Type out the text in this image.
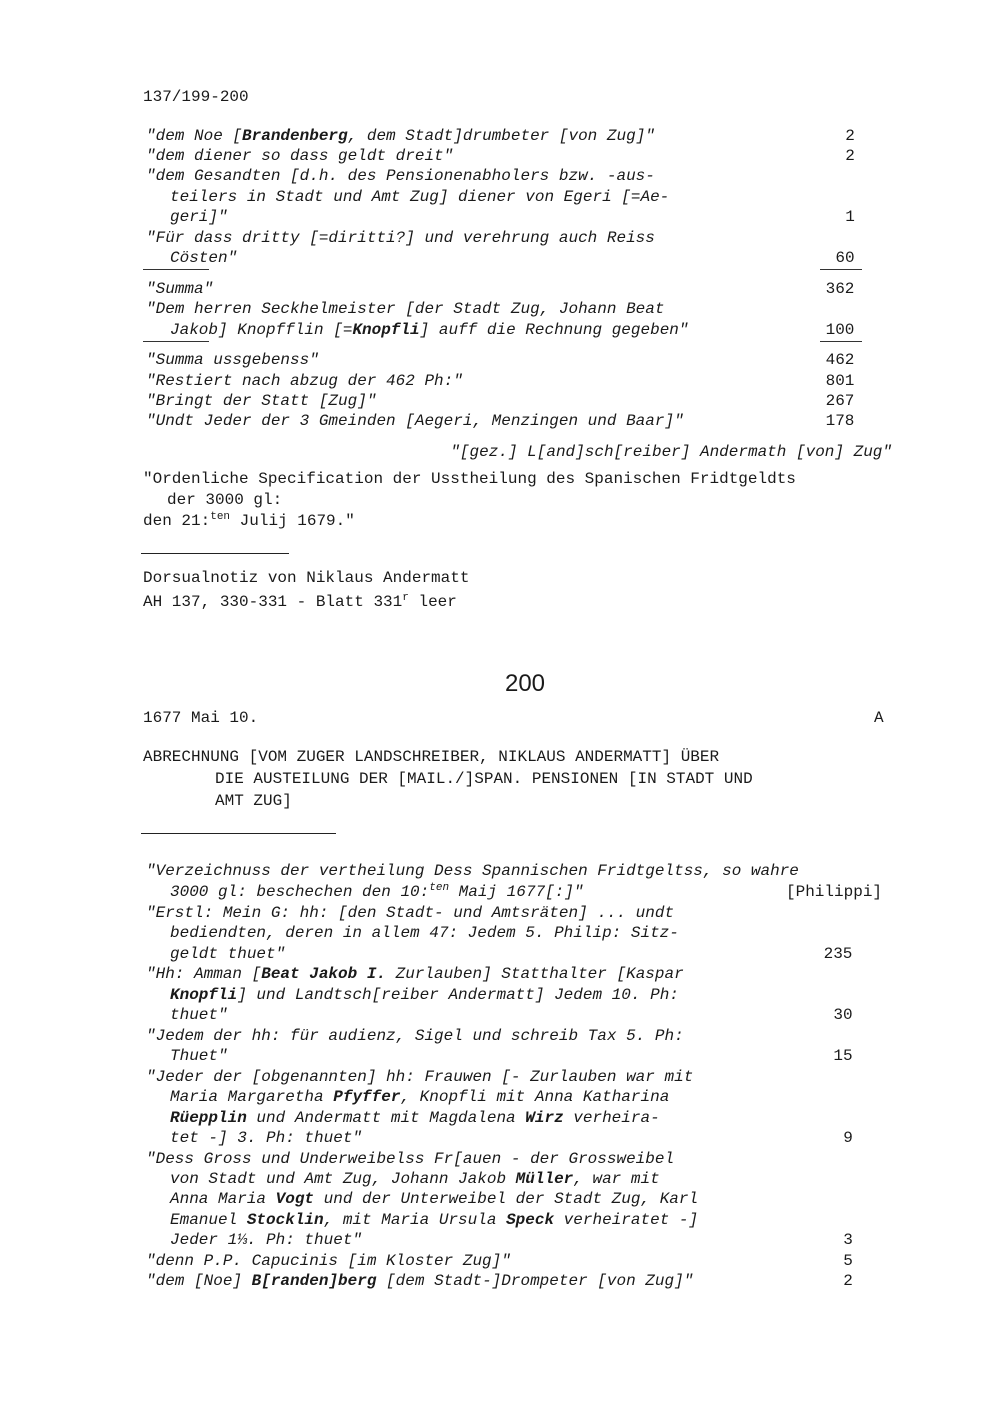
137/199-200
"dem Noe [Brandenberg, dem Stadt]drumbeter [von Zug]"	2
"dem diener so dass geldt dreit"	2
"dem Gesandten [d.h. des Pensionenabholers bzw. -aus-
teilers in Stadt und Amt Zug] diener von Egeri [=Ae-
geri]"	1
"Für dass dritty [=diritti?] und verehrung auch Reiss
Cösten"	60
"Summa"	362
"Dem herren Seckhelmeister [der Stadt Zug, Johann Beat
Jakob] Knopfflin [=Knopfli] auff die Rechnung gegeben"	100
"Summa ussgebenss"	462
"Restiert nach abzug der 462 Ph:"	801
"Bringt der Statt [Zug]"	267
"Undt Jeder der 3 Gmeinden [Aegeri, Menzingen und Baar]"	178
"[gez.] L[and]sch[reiber] Andermath [von] Zug"
"Ordenliche Specification der Usstheilung des Spanischen Fridtgeldts
der 3000 gl:
den 21:$^{ten}$ Julij 1679."
Dorsualnotiz von Niklaus Andermatt
AH 137, 330-331 - Blatt 331$^r$ leer
200
1677 Mai 10.	A
ABRECHNUNG [VOM ZUGER LANDSCHREIBER, NIKLAUS ANDERMATT] ÜBER
DIE AUSTEILUNG DER [MAIL./]SPAN. PENSIONEN [IN STADT UND
AMT ZUG]
"Verzeichnuss der vertheilung Dess Spannischen Fridtgeltss, so wahre
3000 gl: beschechen den 10:$^{ten}$ Maij 1677[:]"	[Philippi]
"Erstl: Mein G: hh: [den Stadt- und Amtsräten] ... undt
bediendten, deren in allem 47: Jedem 5. Philip: Sitz-
geldt thuet"	235
"Hh: Amman [Beat Jakob I. Zurlauben] Statthalter [Kaspar
Knopfli] und Landtsch[reiber Andermatt] Jedem 10. Ph:
thuet"	30
"Jedem der hh: für audienz, Sigel und schreib Tax 5. Ph:
Thuet"	15
"Jeder der [obgenannten] hh: Frauwen [- Zurlauben war mit
Maria Margaretha Pfyffer, Knopfli mit Anna Katharina
Rüepplin und Andermatt mit Magdalena Wirz verheira-
tet -] 3. Ph: thuet"	9
"Dess Gross und Underweibelss Fr[auen - der Grossweibel
von Stadt und Amt Zug, Johann Jakob Müller, war mit
Anna Maria Vogt und der Unterweibel der Stadt Zug, Karl
Emanuel Stocklin, mit Maria Ursula Speck verheiratet -]
Jeder 1⅓. Ph: thuet"	3
"denn P.P. Capucinis [im Kloster Zug]"	5
"dem [Noe] B[randen]berg [dem Stadt-]Drompeter [von Zug]"	2
